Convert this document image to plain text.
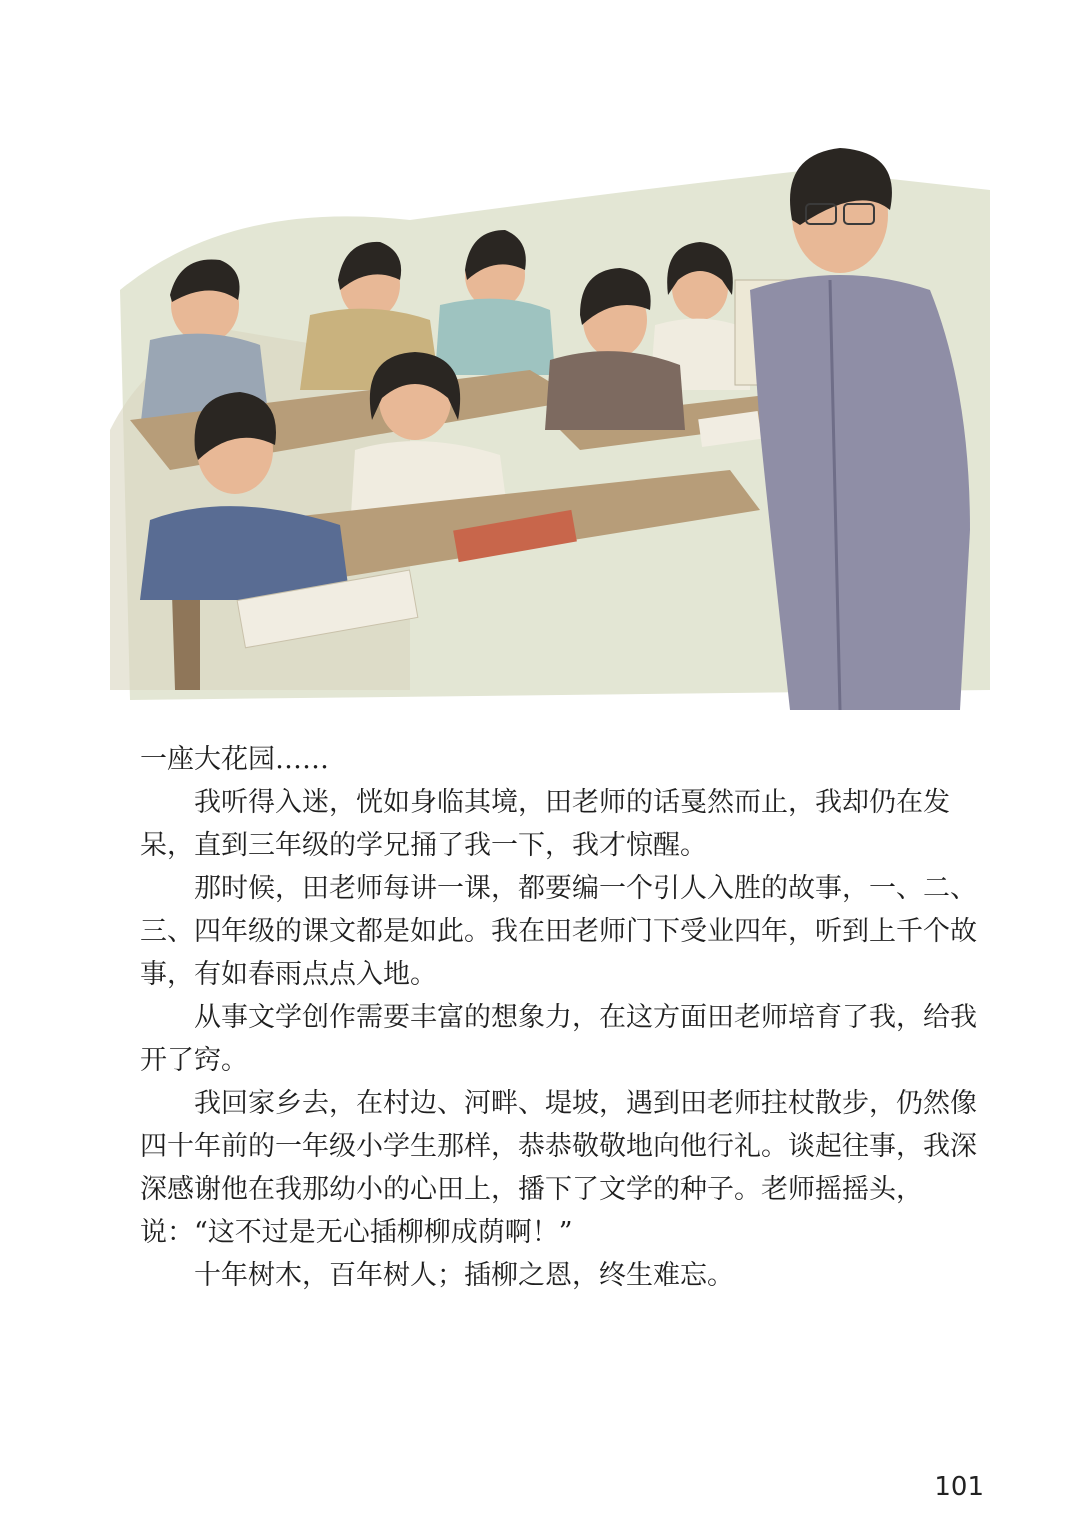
一座大花园……

我听得入迷，恍如身临其境，田老师的话戛然而止，我却仍在发呆，直到三年级的学兄捅了我一下，我才惊醒。

那时候，田老师每讲一课，都要编一个引人入胜的故事，一、二、三、四年级的课文都是如此。我在田老师门下受业四年，听到上千个故事，有如春雨点点入地。

从事文学创作需要丰富的想象力，在这方面田老师培育了我，给我开了窍。

我回家乡去，在村边、河畔、堤坡，遇到田老师拄杖散步，仍然像四十年前的一年级小学生那样，恭恭敬敬地向他行礼。谈起往事，我深深感谢他在我那幼小的心田上，播下了文学的种子。老师摇摇头，说：“这不过是无心插柳柳成荫啊！”

十年树木，百年树人；插柳之恩，终生难忘。

101
